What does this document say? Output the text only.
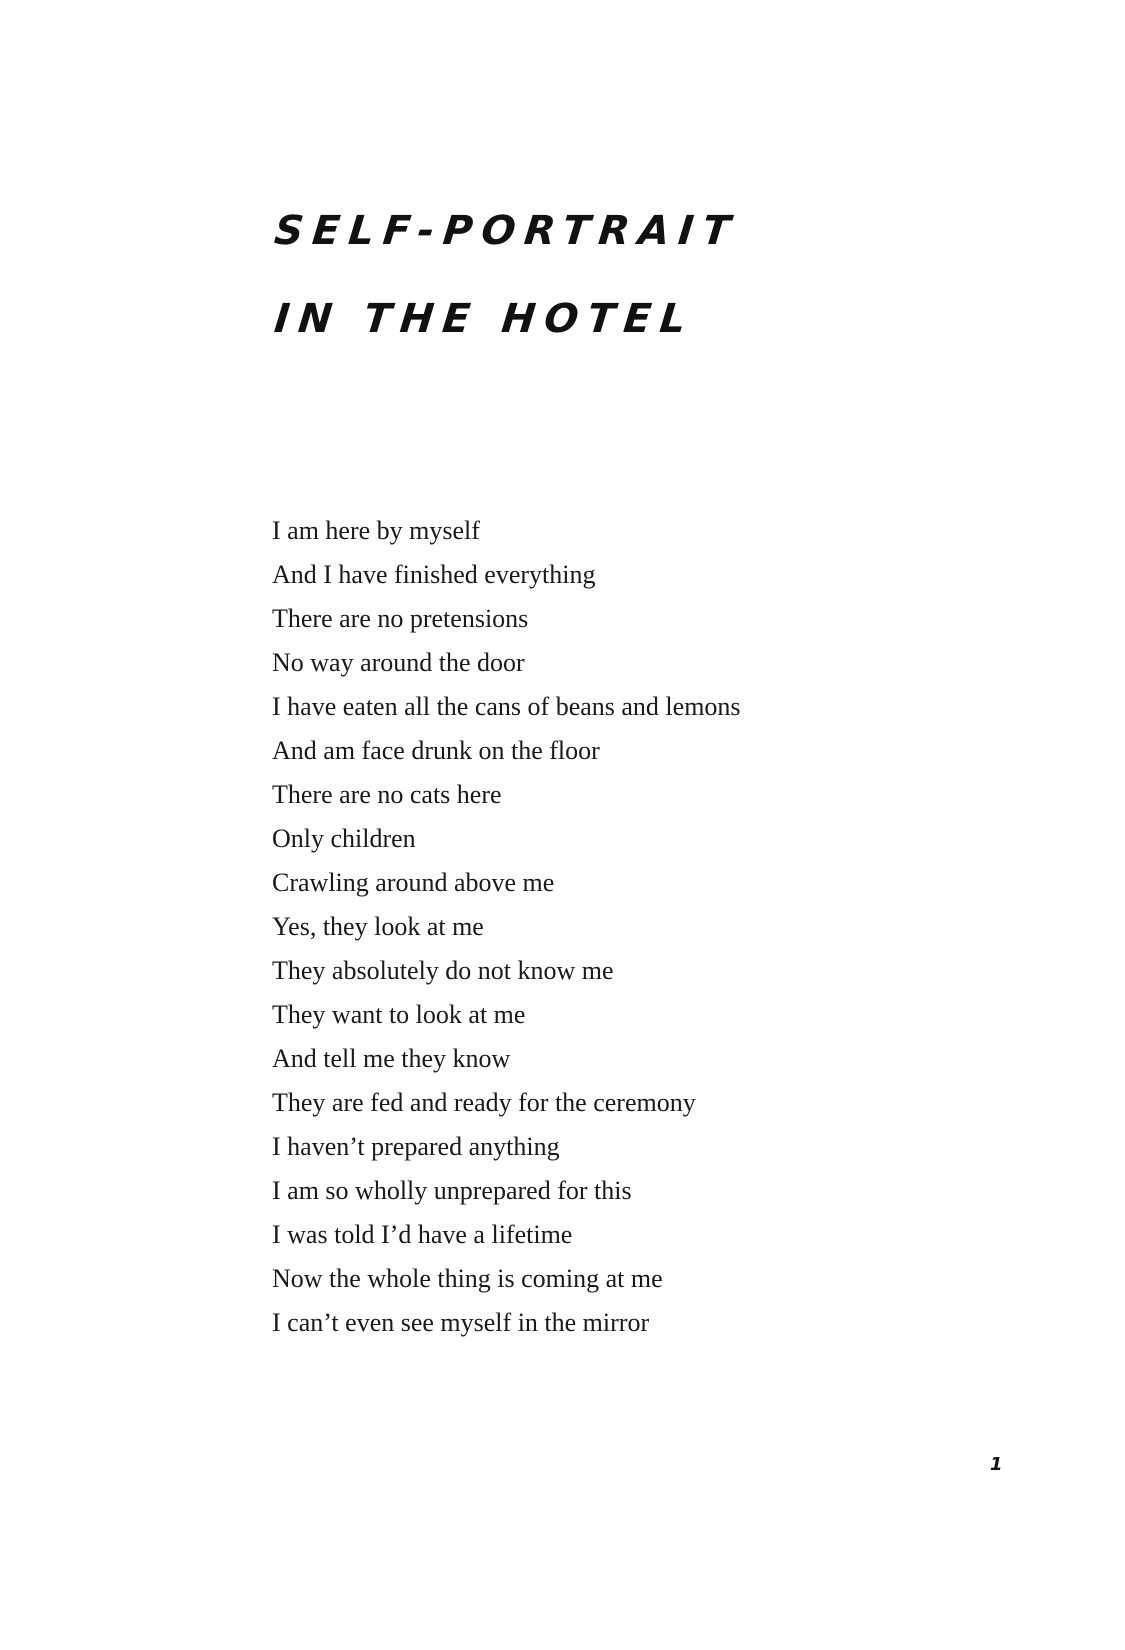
SELF-PORTRAIT
IN THE HOTEL
I am here by myself
And I have finished everything
There are no pretensions
No way around the door
I have eaten all the cans of beans and lemons
And am face drunk on the floor
There are no cats here
Only children
Crawling around above me
Yes, they look at me
They absolutely do not know me
They want to look at me
And tell me they know
They are fed and ready for the ceremony
I haven’t prepared anything
I am so wholly unprepared for this
I was told I’d have a lifetime
Now the whole thing is coming at me
I can’t even see myself in the mirror
1
